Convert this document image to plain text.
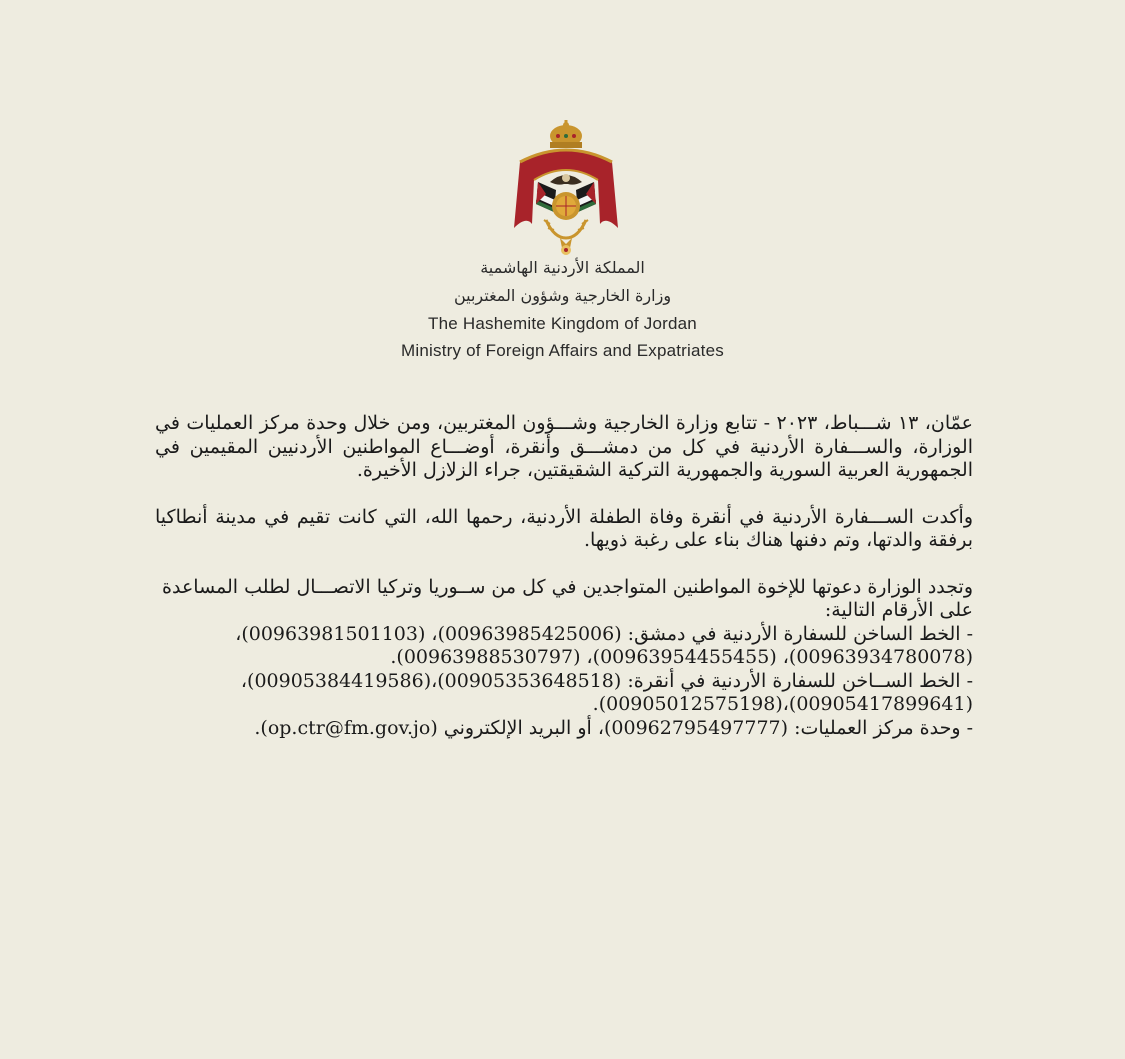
المملكة الأردنية الهاشمية
وزارة الخارجية وشؤون المغتربين
The Hashemite Kingdom of Jordan
Ministry of Foreign Affairs and Expatriates

عمّان، ١٣ شـــباط، ٢٠٢٣ - تتابع وزارة الخارجية وشـــؤون المغتربين، ومن خلال وحدة مركز العمليات في الوزارة، والســـفارة الأردنية في كل من دمشـــق وأنقرة، أوضـــاع المواطنين الأردنيين المقيمين في الجمهورية العربية السورية والجمهورية التركية الشقيقتين، جراء الزلازل الأخيرة.

وأكدت الســـفارة الأردنية في أنقرة وفاة الطفلة الأردنية، رحمها الله، التي كانت تقيم في مدينة أنطاكيا برفقة والدتها، وتم دفنها هناك بناء على رغبة ذويها.

وتجدد الوزارة دعوتها للإخوة المواطنين المتواجدين في كل من ســوريا وتركيا الاتصـــال لطلب المساعدة على الأرقام التالية:

- الخط الساخن للسفارة الأردنية في دمشق: (00963985425006)، (00963981501103)،

(00963934780078)، (00963954455455)، (00963988530797).

- الخط الســاخن للسفارة الأردنية في أنقرة: (00905353648518)،(00905384419586)،

(00905417899641)،(00905012575198).

- وحدة مركز العمليات: (00962795497777)، أو البريد الإلكتروني (op.ctr@fm.gov.jo).
